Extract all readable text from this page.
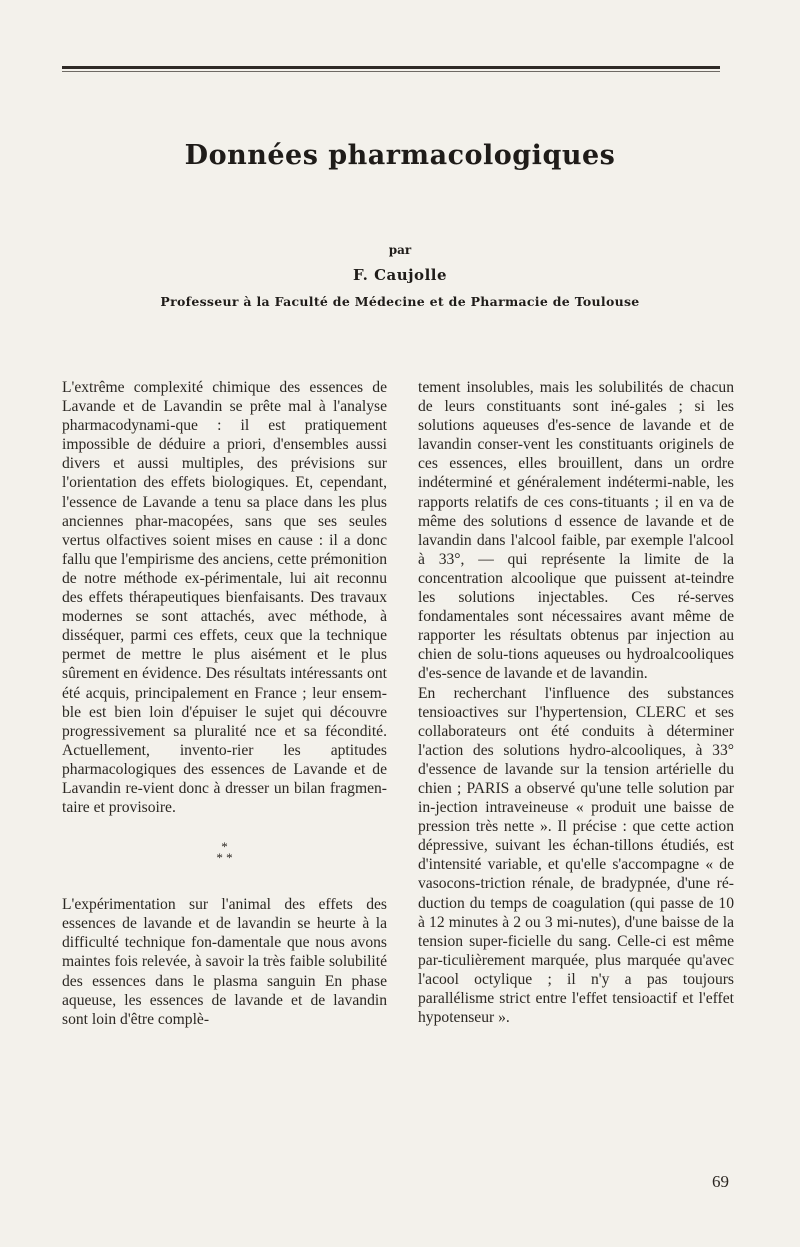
Données pharmacologiques
par
F. Caujolle
Professeur à la Faculté de Médecine et de Pharmacie de Toulouse

L'extrême complexité chimique des essences de Lavande et de Lavandin se prête mal à l'analyse pharmacodynami-que : il est pratiquement impossible de déduire a priori, d'ensembles aussi divers et aussi multiples, des prévisions sur l'orientation des effets biologiques. Et, cependant, l'essence de Lavande a tenu sa place dans les plus anciennes phar-macopées, sans que ses seules vertus olfactives soient mises en cause : il a donc fallu que l'empirisme des anciens, cette prémonition de notre méthode ex-périmentale, lui ait reconnu des effets thérapeutiques bienfaisants. Des travaux modernes se sont attachés, avec méthode, à disséquer, parmi ces effets, ceux que la technique permet de mettre le plus aisément et le plus sûrement en évidence. Des résultats intéressants ont été acquis, principalement en France ; leur ensem-ble est bien loin d'épuiser le sujet qui découvre progressivement sa pluralité nce et sa fécondité. Actuellement, invento-rier les aptitudes pharmacologiques des essences de Lavande et de Lavandin re-vient donc à dresser un bilan fragmen-taire et provisoire.

*
* *

L'expérimentation sur l'animal des effets des essences de lavande et de lavandin se heurte à la difficulté technique fon-damentale que nous avons maintes fois relevée, à savoir la très faible solubilité des essences dans le plasma sanguin En phase aqueuse, les essences de lavande et de lavandin sont loin d'être complè-

tement insolubles, mais les solubilités de chacun de leurs constituants sont iné-gales ; si les solutions aqueuses d'es-sence de lavande et de lavandin conser-vent les constituants originels de ces essences, elles brouillent, dans un ordre indéterminé et généralement indétermi-nable, les rapports relatifs de ces cons-tituants ; il en va de même des solutions d essence de lavande et de lavandin dans l'alcool faible, par exemple l'alcool à 33°, — qui représente la limite de la concentration alcoolique que puissent at-teindre les solutions injectables. Ces ré-serves fondamentales sont nécessaires avant même de rapporter les résultats obtenus par injection au chien de solu-tions aqueuses ou hydroalcooliques d'es-sence de lavande et de lavandin.

En recherchant l'influence des substances tensioactives sur l'hypertension, CLERC et ses collaborateurs ont été conduits à déterminer l'action des solutions hydro-alcooliques, à 33° d'essence de lavande sur la tension artérielle du chien ; PARIS a observé qu'une telle solution par in-jection intraveineuse « produit une baisse de pression très nette ». Il précise : que cette action dépressive, suivant les échan-tillons étudiés, est d'intensité variable, et qu'elle s'accompagne « de vasocons-triction rénale, de bradypnée, d'une ré-duction du temps de coagulation (qui passe de 10 à 12 minutes à 2 ou 3 mi-nutes), d'une baisse de la tension super-ficielle du sang. Celle-ci est même par-ticulièrement marquée, plus marquée qu'avec l'acool octylique ; il n'y a pas toujours parallélisme strict entre l'effet tensioactif et l'effet hypotenseur ».

69
